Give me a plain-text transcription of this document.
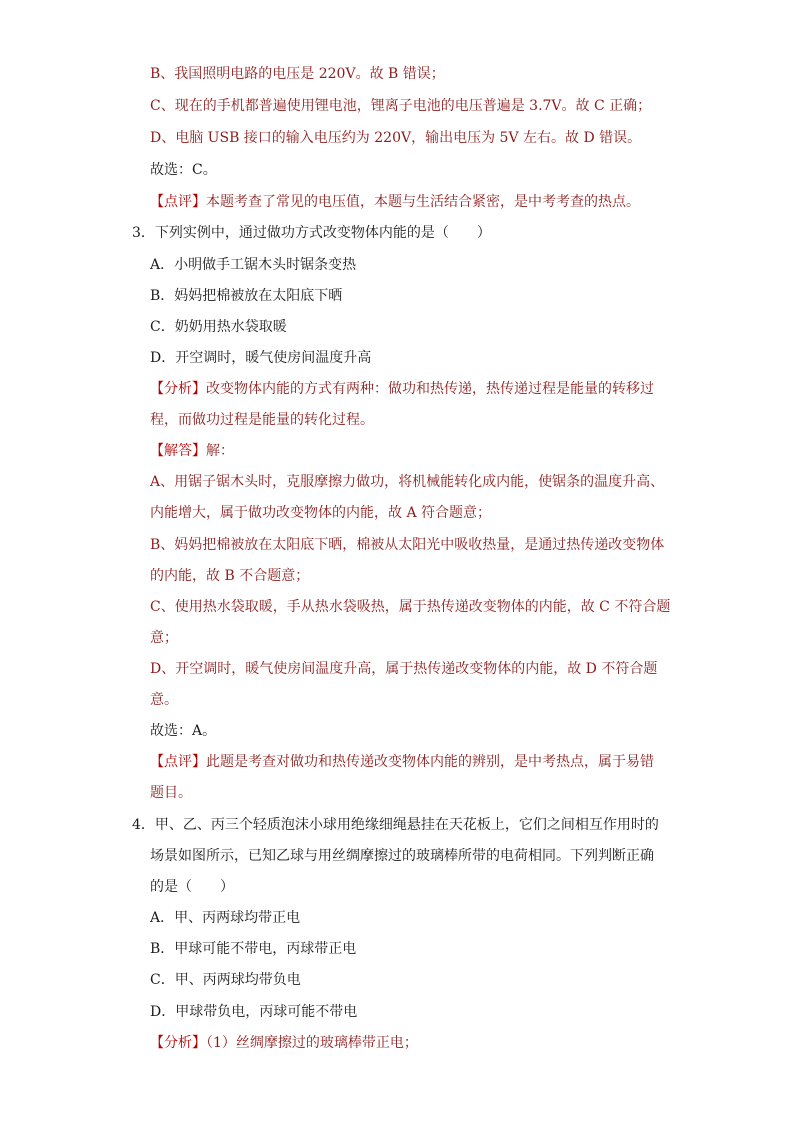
B、我国照明电路的电压是 220V。故 B 错误；
C、现在的手机都普遍使用锂电池，锂离子电池的电压普遍是 3.7V。故 C 正确；
D、电脑 USB 接口的输入电压约为 220V，输出电压为 5V 左右。故 D 错误。
故选：C。
【点评】本题考查了常见的电压值，本题与生活结合紧密，是中考考查的热点。
3．下列实例中，通过做功方式改变物体内能的是（　　）
A．小明做手工锯木头时锯条变热
B．妈妈把棉被放在太阳底下晒
C．奶奶用热水袋取暖
D．开空调时，暖气使房间温度升高
【分析】改变物体内能的方式有两种：做功和热传递，热传递过程是能量的转移过
程，而做功过程是能量的转化过程。
【解答】解：
A、用锯子锯木头时，克服摩擦力做功，将机械能转化成内能，使锯条的温度升高、
内能增大，属于做功改变物体的内能，故 A 符合题意；
B、妈妈把棉被放在太阳底下晒，棉被从太阳光中吸收热量，是通过热传递改变物体
的内能，故 B 不合题意；
C、使用热水袋取暖，手从热水袋吸热，属于热传递改变物体的内能，故 C 不符合题
意；
D、开空调时，暖气使房间温度升高，属于热传递改变物体的内能，故 D 不符合题
意。
故选：A。
【点评】此题是考查对做功和热传递改变物体内能的辨别，是中考热点，属于易错
题目。
4．甲、乙、丙三个轻质泡沫小球用绝缘细绳悬挂在天花板上，它们之间相互作用时的
场景如图所示，已知乙球与用丝绸摩擦过的玻璃棒所带的电荷相同。下列判断正确
的是（　　）
A．甲、丙两球均带正电
B．甲球可能不带电，丙球带正电
C．甲、丙两球均带负电
D．甲球带负电，丙球可能不带电
【分析】（1）丝绸摩擦过的玻璃棒带正电；
